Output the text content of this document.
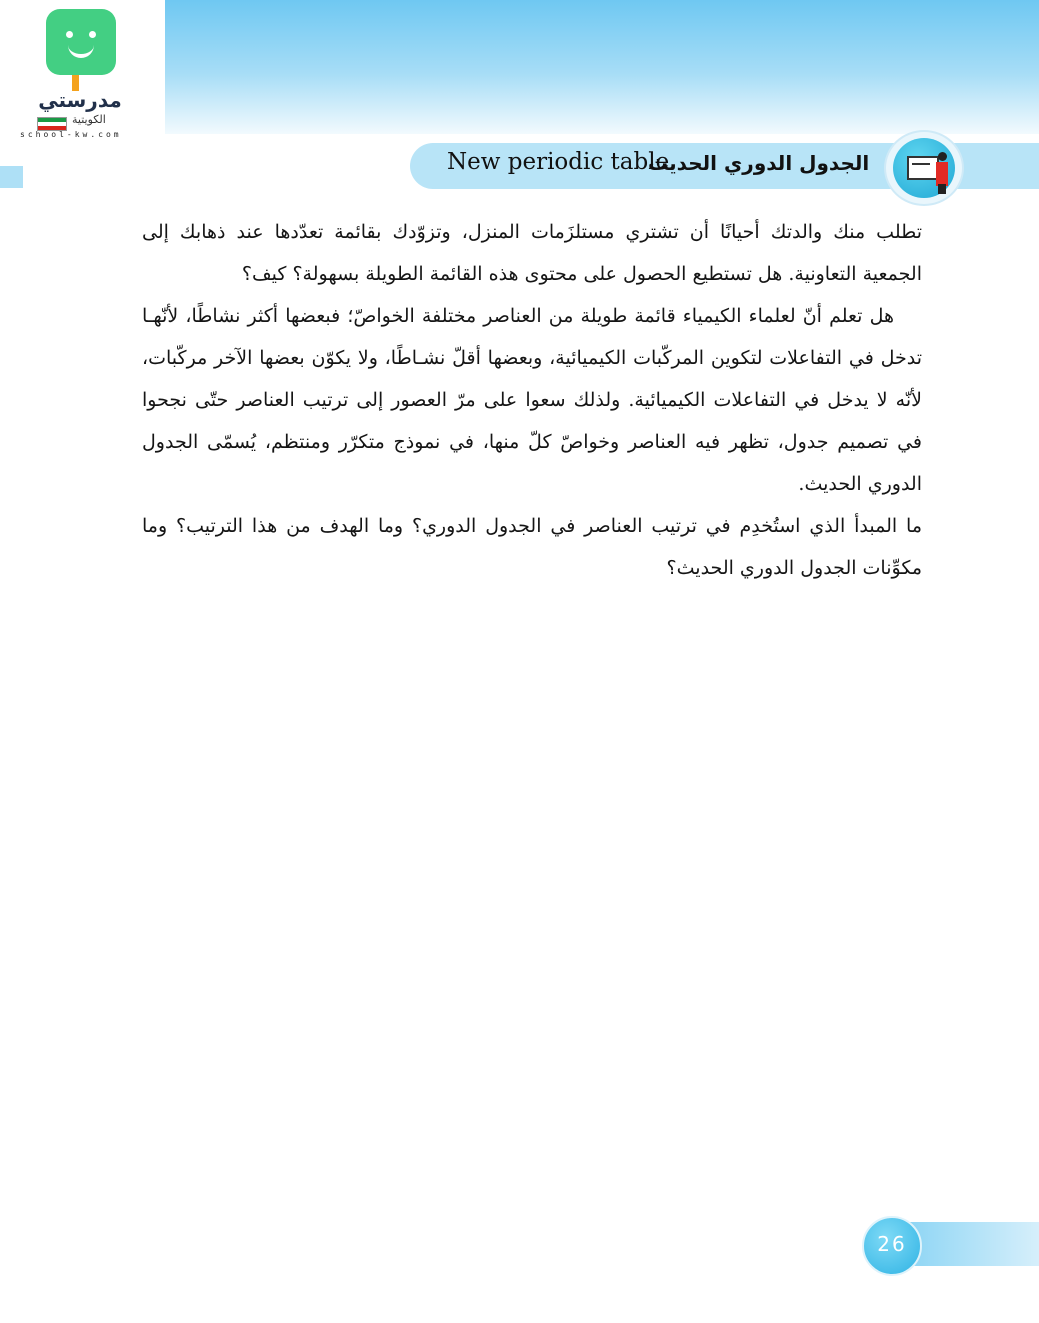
مدرستي
الكويتية
school-kw.com
New periodic table
الجدول الدوري الحديث

تطلب منك والدتك أحيانًا أن تشتري مستلزَمات المنزل، وتزوّدك بقائمة تعدّدها عند ذهابك إلى الجمعية التعاونية. هل تستطيع الحصول على محتوى هذه القائمة الطويلة بسهولة؟ كيف؟

هل تعلم أنّ لعلماء الكيمياء قائمة طويلة من العناصر مختلفة الخواصّ؛ فبعضها أكثر نشاطًا، لأنّهـا تدخل في التفاعلات لتكوين المركّبات الكيميائية، وبعضها أقلّ نشـاطًا، ولا يكوّن بعضها الآخر مركّبات، لأنّه لا يدخل في التفاعلات الكيميائية. ولذلك سعوا على مرّ العصور إلى ترتيب العناصر حتّى نجحوا في تصميم جدول، تظهر فيه العناصر وخواصّ كلّ منها، في نموذج متكرّر ومنتظم، يُسمّى الجدول الدوري الحديث.

ما المبدأ الذي استُخدِم في ترتيب العناصر في الجدول الدوري؟ وما الهدف من هذا الترتيب؟ وما مكوِّنات الجدول الدوري الحديث؟

26
